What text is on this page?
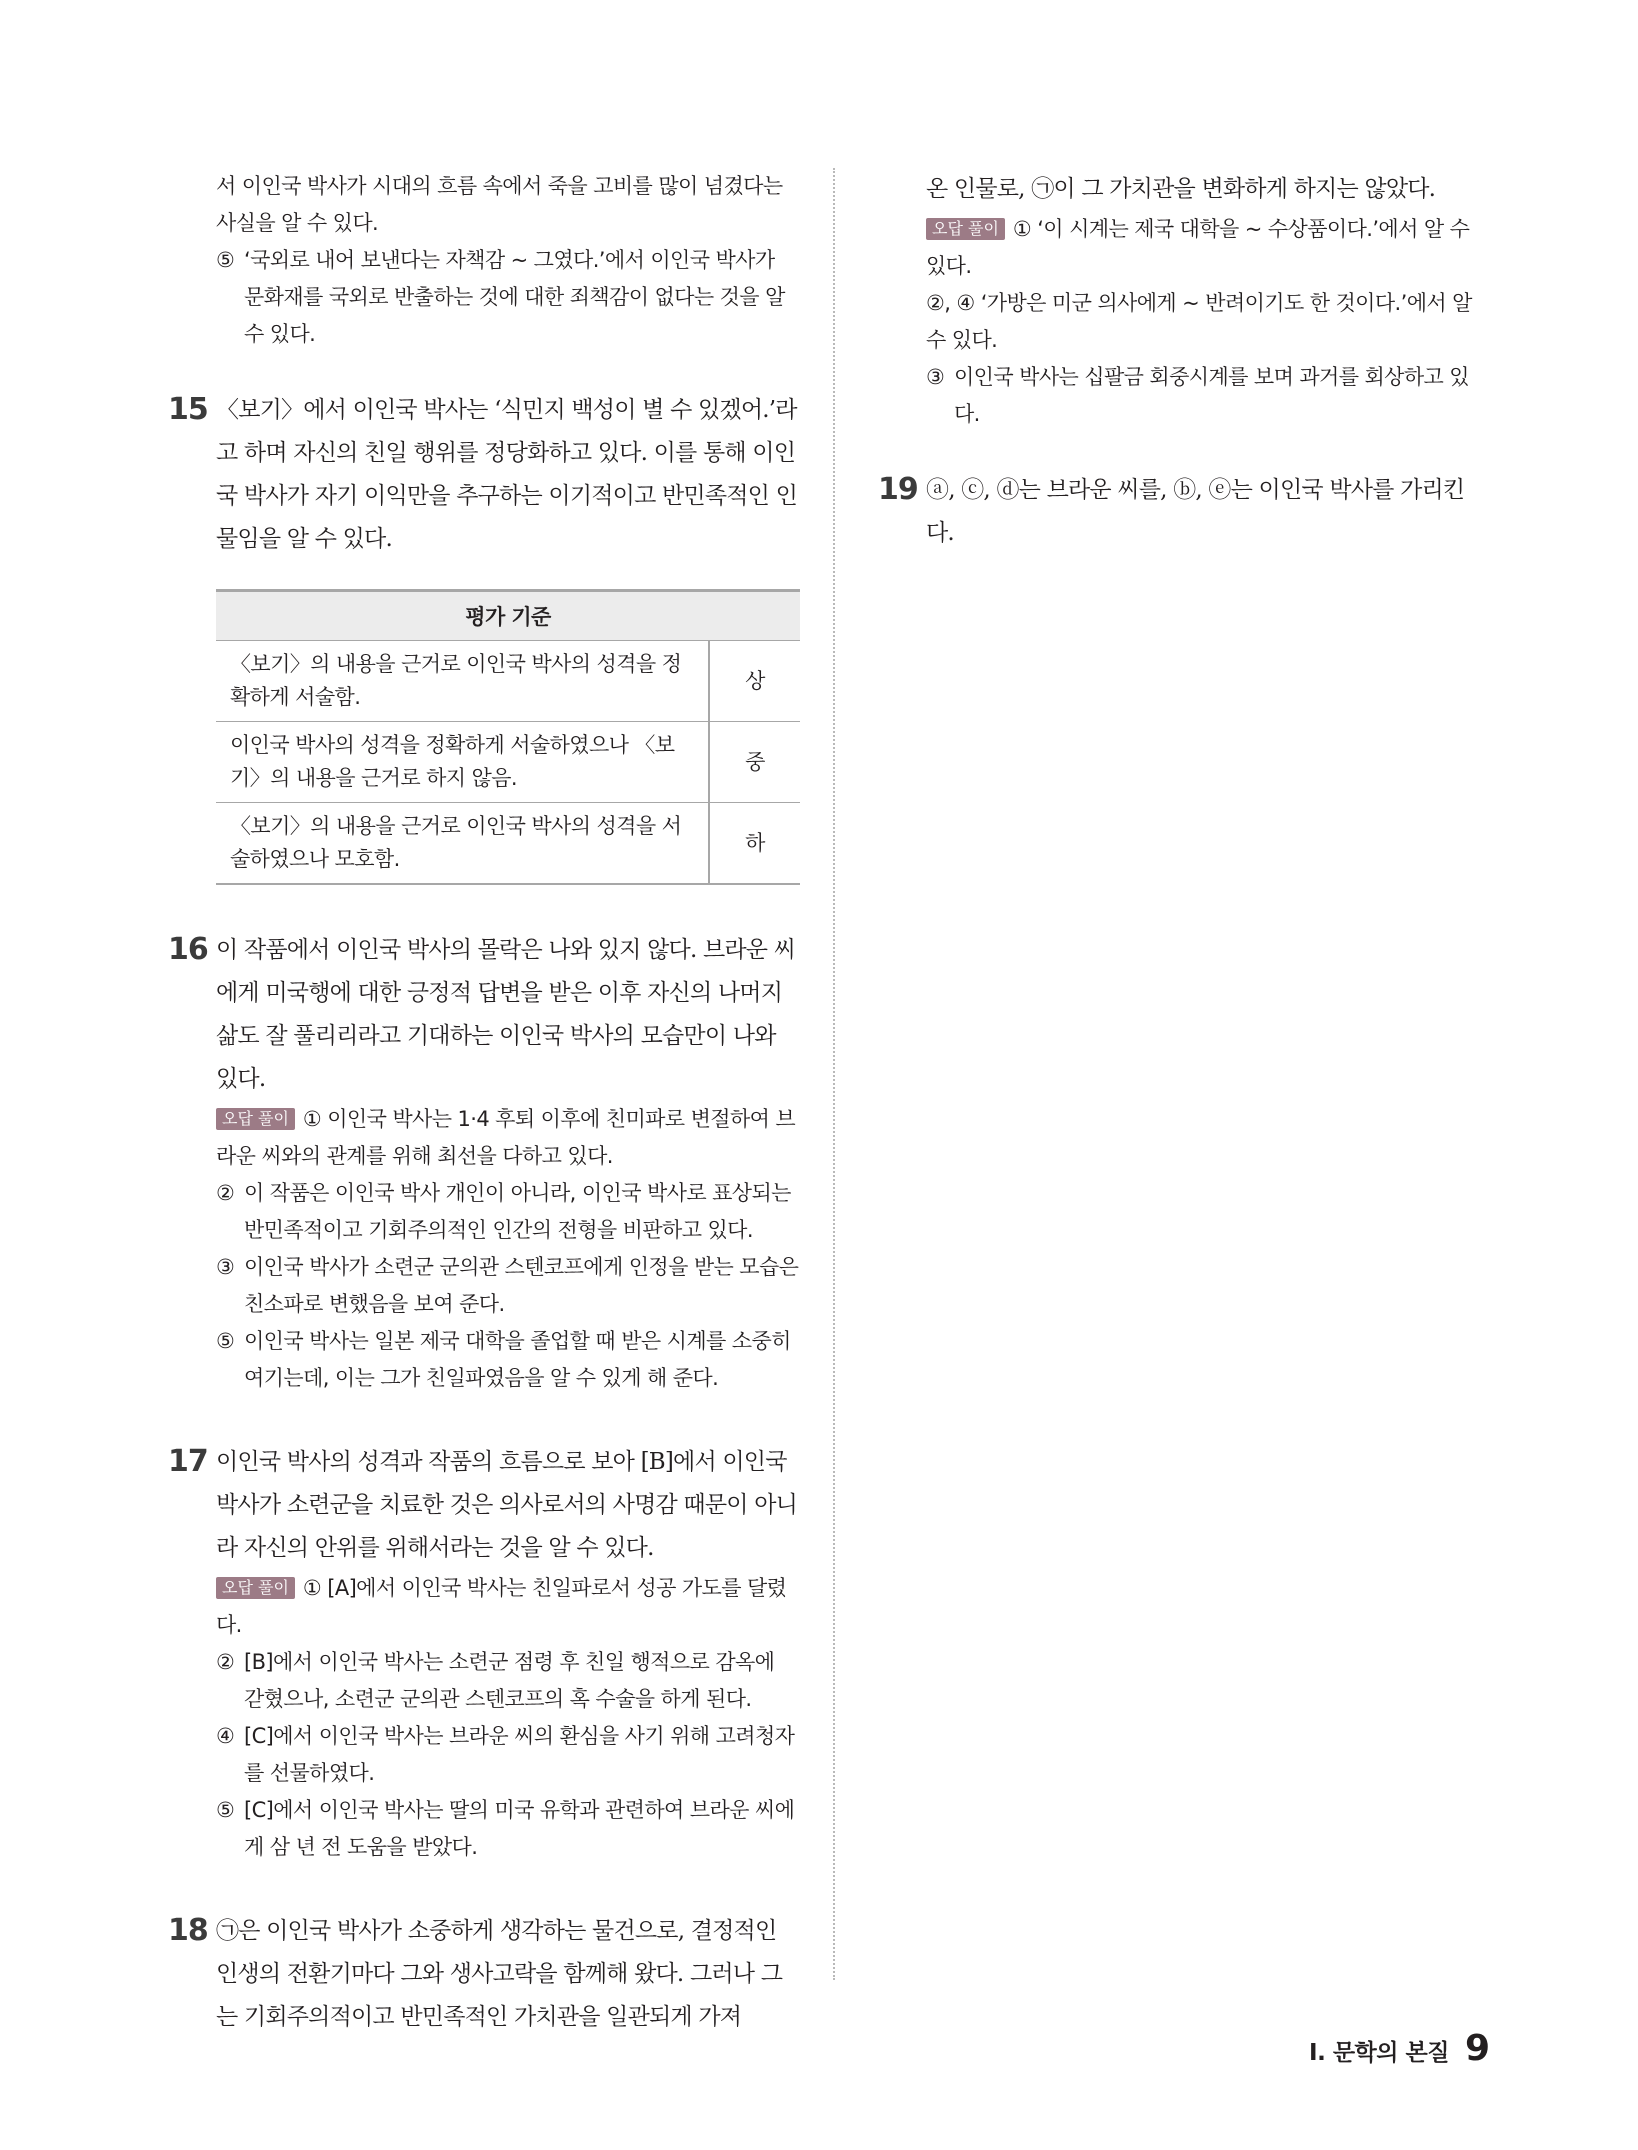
서 이인국 박사가 시대의 흐름 속에서 죽을 고비를 많이 넘겼다는 사실을 알 수 있다.

⑤ ‘국외로 내어 보낸다는 자책감 ~ 그였다.’에서 이인국 박사가 문화재를 국외로 반출하는 것에 대한 죄책감이 없다는 것을 알 수 있다.

15 〈보기〉에서 이인국 박사는 ‘식민지 백성이 별 수 있겠어.’라고 하며 자신의 친일 행위를 정당화하고 있다. 이를 통해 이인국 박사가 자기 이익만을 추구하는 이기적이고 반민족적인 인물임을 알 수 있다.

평가 기준	
〈보기〉의 내용을 근거로 이인국 박사의 성격을 정확하게 서술함.	상
이인국 박사의 성격을 정확하게 서술하였으나 〈보기〉의 내용을 근거로 하지 않음.	중
〈보기〉의 내용을 근거로 이인국 박사의 성격을 서술하였으나 모호함.	하
16 이 작품에서 이인국 박사의 몰락은 나와 있지 않다. 브라운 씨에게 미국행에 대한 긍정적 답변을 받은 이후 자신의 나머지 삶도 잘 풀리리라고 기대하는 이인국 박사의 모습만이 나와 있다.

오답 풀이 ① 이인국 박사는 1·4 후퇴 이후에 친미파로 변절하여 브라운 씨와의 관계를 위해 최선을 다하고 있다.

② 이 작품은 이인국 박사 개인이 아니라, 이인국 박사로 표상되는 반민족적이고 기회주의적인 인간의 전형을 비판하고 있다.

③ 이인국 박사가 소련군 군의관 스텐코프에게 인정을 받는 모습은 친소파로 변했음을 보여 준다.

⑤ 이인국 박사는 일본 제국 대학을 졸업할 때 받은 시계를 소중히 여기는데, 이는 그가 친일파였음을 알 수 있게 해 준다.

17 이인국 박사의 성격과 작품의 흐름으로 보아 [B]에서 이인국 박사가 소련군을 치료한 것은 의사로서의 사명감 때문이 아니라 자신의 안위를 위해서라는 것을 알 수 있다.

오답 풀이 ① [A]에서 이인국 박사는 친일파로서 성공 가도를 달렸다.

② [B]에서 이인국 박사는 소련군 점령 후 친일 행적으로 감옥에 갇혔으나, 소련군 군의관 스텐코프의 혹 수술을 하게 된다.

④ [C]에서 이인국 박사는 브라운 씨의 환심을 사기 위해 고려청자를 선물하였다.

⑤ [C]에서 이인국 박사는 딸의 미국 유학과 관련하여 브라운 씨에게 삼 년 전 도움을 받았다.

18 ㉠은 이인국 박사가 소중하게 생각하는 물건으로, 결정적인 인생의 전환기마다 그와 생사고락을 함께해 왔다. 그러나 그는 기회주의적이고 반민족적인 가치관을 일관되게 가져

온 인물로, ㉠이 그 가치관을 변화하게 하지는 않았다.

오답 풀이 ① ‘이 시계는 제국 대학을 ~ 수상품이다.’에서 알 수 있다.

②, ④ ‘가방은 미군 의사에게 ~ 반려이기도 한 것이다.’에서 알 수 있다.

③ 이인국 박사는 십팔금 회중시계를 보며 과거를 회상하고 있다.

19 ⓐ, ⓒ, ⓓ는 브라운 씨를, ⓑ, ⓔ는 이인국 박사를 가리킨다.

Ⅰ. 문학의 본질 9
